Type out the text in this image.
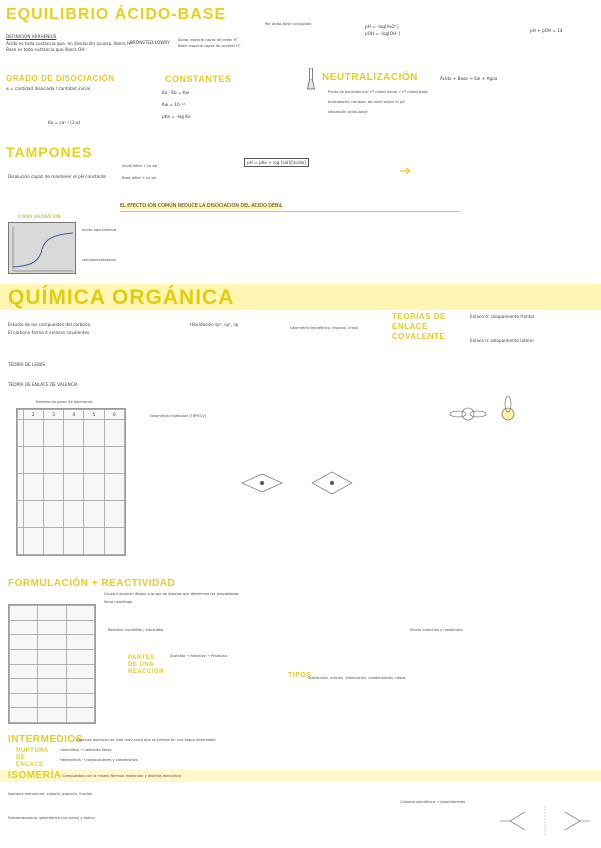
EQUILIBRIO ÁCIDO-BASE
DEFINICIÓN ARRHENIUS
Ácido es toda sustancia que, en disolución acuosa, libera H⁺
Base es toda sustancia que libera OH⁻
BRÖNSTED-LOWRY Ácido: especie capaz de ceder H⁺
Base: especie capaz de aceptar H⁺
Par ácido-base conjugado	pH = -log[H₃O⁺]
pOH = -log[OH⁻]
pH + pOH = 14
GRADO DE DISOCIACIÓN
α = cantidad disociada / cantidad inicial
Ka = cα² / (1-α)
CONSTANTES
Ka · Kb = Kw
Kw = 10⁻¹⁴
pKa = -log Ka
NEUTRALIZACIÓN	Ácido + Base → Sal + Agua
Punto de equivalencia: nº moles ácido = nº moles base
Indicadores: cambian de color según el pH
Valoración ácido-base
TAMPONES
Disolución capaz de mantener el pH constante
Ácido débil + su sal
Base débil + su sal
pH = pKa + log [sal]/[ácido]
EL EFECTO IÓN COMÚN REDUCE LA DISOCIACIÓN DEL ÁCIDO DÉBIL
CURVA VALORACIÓN
punto equivalencia
semineutralización
QUÍMICA ORGÁNICA
Estudio de los compuestos del carbono
El carbono forma 4 enlaces covalentes
Hibridación sp³, sp², sp
Geometría tetraédrica, trigonal, lineal
TEORÍAS DE ENLACE COVALENTE
Enlace σ: solapamiento frontal
Enlace π: solapamiento lateral
TEORÍA DE LEWIS
TEORÍA DE ENLACE DE VALENCIA
Número de pares de electrones
	2	3	4	5	6

						Geometría molecular (TRPECV)
FORMULACIÓN + REACTIVIDAD
Grupo funcional: átomo o grupo de átomos que determina las propiedades
Serie homóloga

Reactivo nucleófilo / electrófilo
PARTES DE UNA REACCIÓN
Sustrato → Reactivo → Producto
TIPOS
Sustitución, adición, eliminación, condensación, redox
Efecto inductivo y mesómero
INTERMEDIOS
Especies químicas de vida muy corta que se forman en una etapa intermedia
RUPTURA DE ENLACE
Homolítica → radicales libres
Heterolítica → carbocationes y carbaniones
ISOMERÍA Compuestos con la misma fórmula molecular y distinta estructura
Isomería estructural: cadena, posición, función
Estereoisomería: geométrica (cis-trans) y óptica
Carbono asimétrico → enantiómeros
